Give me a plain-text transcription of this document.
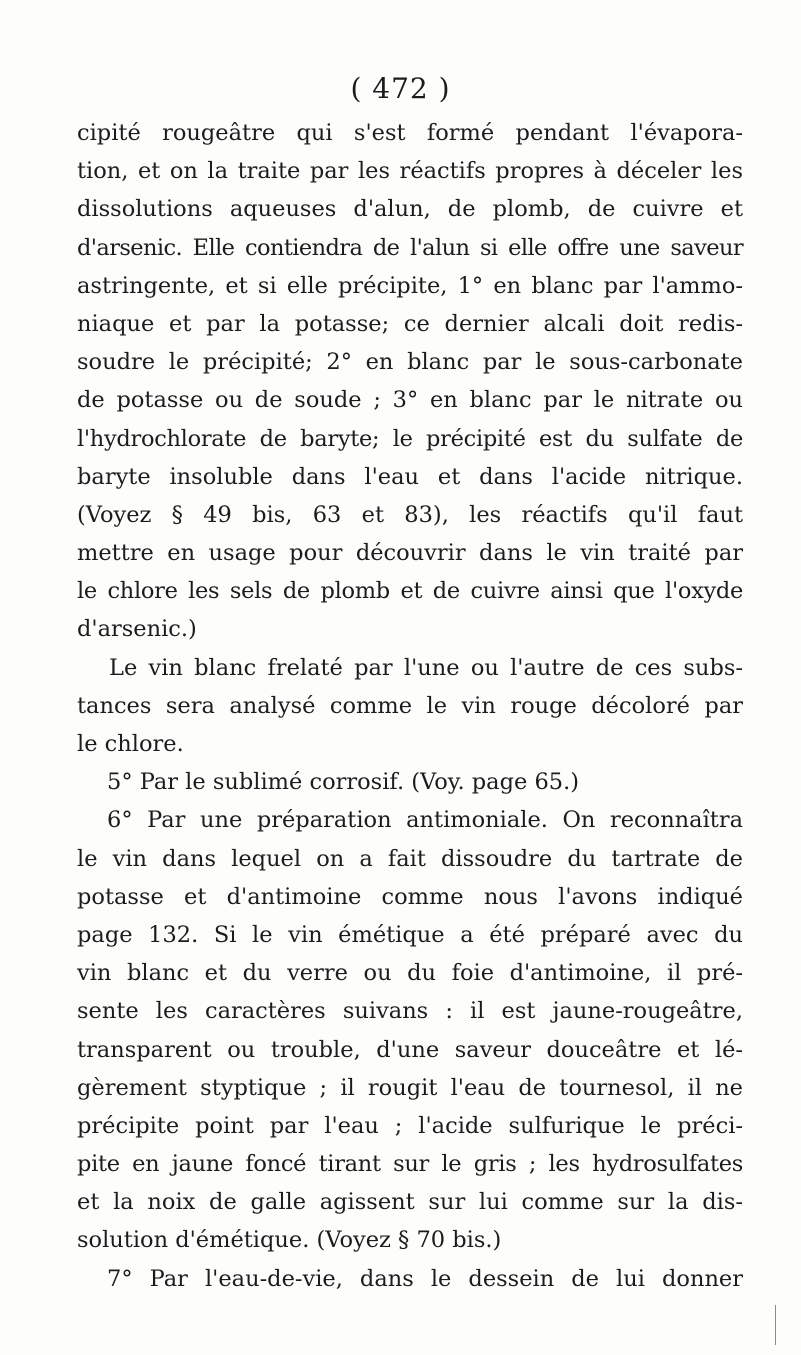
( 472 )
cipité rougeâtre qui s'est formé pendant l'évapora-
tion, et on la traite par les réactifs propres à déceler les
dissolutions aqueuses d'alun, de plomb, de cuivre et
d'arsenic. Elle contiendra de l'alun si elle offre une saveur
astringente, et si elle précipite, 1° en blanc par l'ammo-
niaque et par la potasse; ce dernier alcali doit redis-
soudre le précipité; 2° en blanc par le sous-carbonate
de potasse ou de soude ; 3° en blanc par le nitrate ou
l'hydrochlorate de baryte; le précipité est du sulfate de
baryte insoluble dans l'eau et dans l'acide nitrique.
(Voyez § 49 bis, 63 et 83), les réactifs qu'il faut
mettre en usage pour découvrir dans le vin traité par
le chlore les sels de plomb et de cuivre ainsi que l'oxyde
d'arsenic.)
Le vin blanc frelaté par l'une ou l'autre de ces subs-
tances sera analysé comme le vin rouge décoloré par
le chlore.
5° Par le sublimé corrosif. (Voy. page 65.)
6° Par une préparation antimoniale. On reconnaîtra
le vin dans lequel on a fait dissoudre du tartrate de
potasse et d'antimoine comme nous l'avons indiqué
page 132. Si le vin émétique a été préparé avec du
vin blanc et du verre ou du foie d'antimoine, il pré-
sente les caractères suivans : il est jaune-rougeâtre,
transparent ou trouble, d'une saveur douceâtre et lé-
gèrement styptique ; il rougit l'eau de tournesol, il ne
précipite point par l'eau ; l'acide sulfurique le préci-
pite en jaune foncé tirant sur le gris ; les hydrosulfates
et la noix de galle agissent sur lui comme sur la dis-
solution d'émétique. (Voyez § 70 bis.)
7° Par l'eau-de-vie, dans le dessein de lui donner
